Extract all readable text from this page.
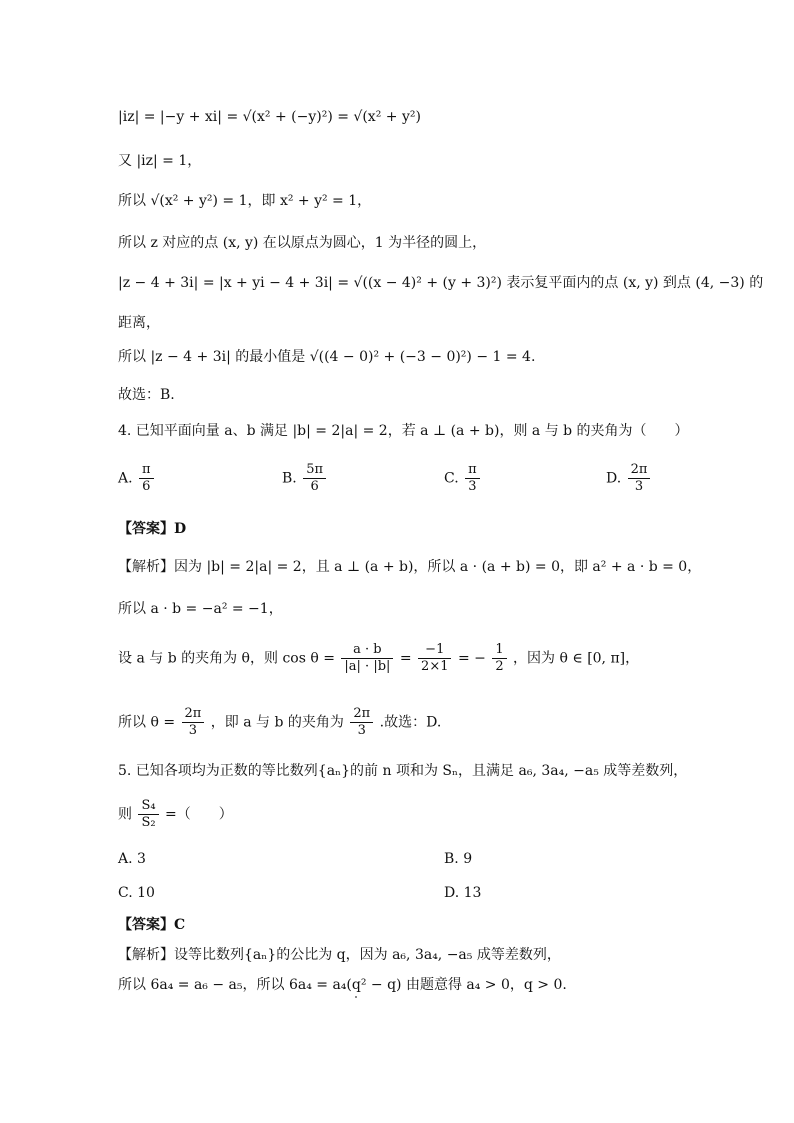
|iz| = |−y + xi| = √(x² + (−y)²) = √(x² + y²)
又 |iz| = 1，
所以 √(x² + y²) = 1，即 x² + y² = 1，
所以 z 对应的点 (x, y) 在以原点为圆心，1 为半径的圆上，
|z − 4 + 3i| = |x + yi − 4 + 3i| = √((x − 4)² + (y + 3)²) 表示复平面内的点 (x, y) 到点 (4, −3) 的
距离，
所以 |z − 4 + 3i| 的最小值是 √((4 − 0)² + (−3 − 0)²) − 1 = 4.
故选：B.
4. 已知平面向量 a、b 满足 |b| = 2|a| = 2，若 a ⊥ (a + b)，则 a 与 b 的夹角为（　　）
A. $\frac{\pi}{6}$	B. $\frac{5\pi}{6}$	C. $\frac{\pi}{3}$	D. $\frac{2\pi}{3}$
【答案】D
【解析】因为 |b| = 2|a| = 2，且 a ⊥ (a + b)，所以 a · (a + b) = 0，即 a² + a · b = 0，
所以 a · b = −a² = −1，
设 a 与 b 的夹角为 θ，则 $\cos \theta = \frac{a \cdot b}{|a| \cdot |b|} = \frac{-1}{2\times 1}$ = − $\frac{1}{2}$ ，因为 θ ∈ [0, π]，
所以 $\theta = \frac{2\pi}{3}$ ，即 a 与 b 的夹角为 $\frac{2\pi}{3}$ .故选：D.
5. 已知各项均为正数的等比数列{aₙ}的前 n 项和为 Sₙ，且满足 a₆, 3a₄, −a₅ 成等差数列，
则 $\frac{\text{S₄}}{\text{S₂}}$ =（　　）
A. 3	B. 9
C. 10	D. 13
【答案】C
【解析】设等比数列{aₙ}的公比为 q，因为 a₆, 3a₄, −a₅ 成等差数列，
所以 6a₄ = a₆ − a₅，所以 6a₄ = a₄(q² − q) 由题意得 a₄ > 0，q > 0.
